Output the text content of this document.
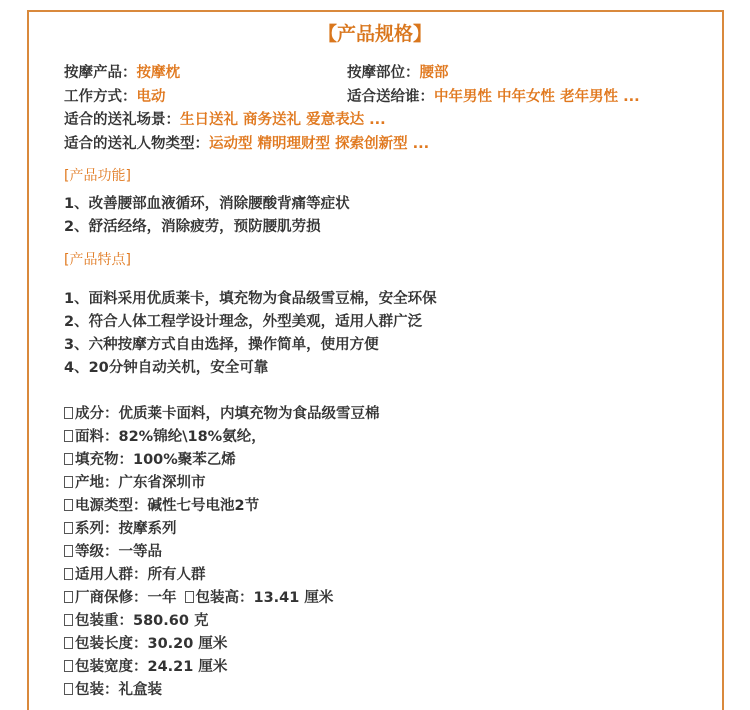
【产品规格】
按摩产品：按摩枕	按摩部位：腰部
工作方式：电动	适合送给谁：中年男性 中年女性 老年男性 ...
适合的送礼场景：生日送礼 商务送礼 爱意表达 ...
适合的送礼人物类型：运动型 精明理财型 探索创新型 ...
[产品功能]
1、改善腰部血液循环，消除腰酸背痛等症状
2、舒活经络，消除疲劳，预防腰肌劳损
[产品特点]
1、面料采用优质莱卡，填充物为食品级雪豆棉，安全环保
2、符合人体工程学设计理念，外型美观，适用人群广泛
3、六种按摩方式自由选择，操作简单，使用方便
4、20分钟自动关机，安全可靠
成分：优质莱卡面料，内填充物为食品级雪豆棉
面料：82%锦纶\18%氨纶，
填充物：100%聚苯乙烯
产地：广东省深圳市
电源类型：碱性七号电池2节
系列：按摩系列
等级：一等品
适用人群：所有人群
厂商保修：一年 包装高：13.41 厘米
包装重：580.60 克
包装长度：30.20 厘米
包装宽度：24.21 厘米
包装：礼盒装
